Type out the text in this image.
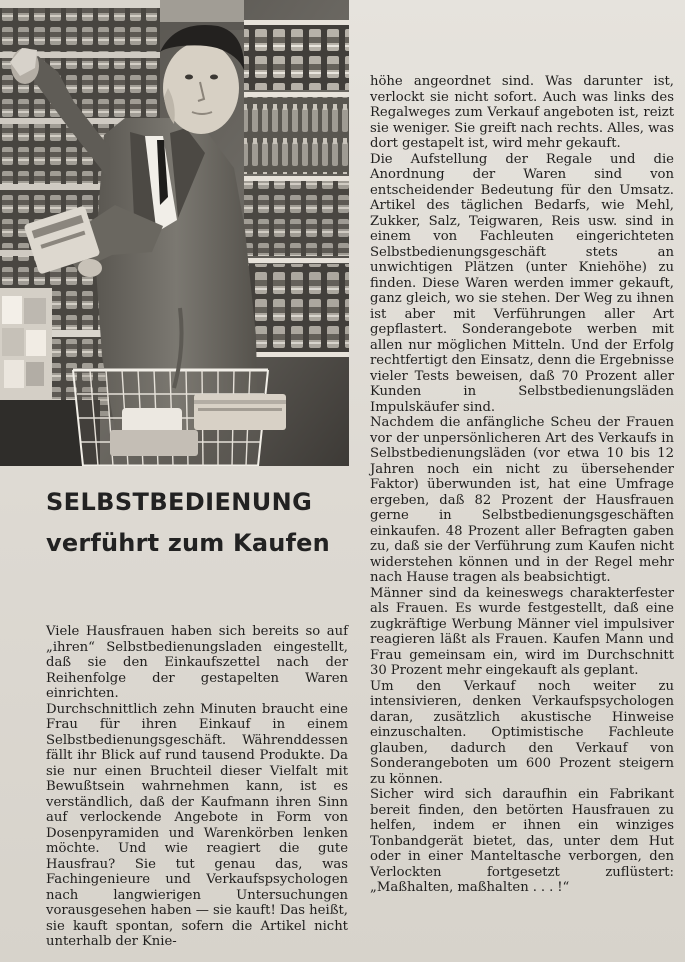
SELBSTBEDIENUNG
verführt zum Kaufen

Viele Hausfrauen haben sich bereits so auf „ihren“ Selbstbedienungsladen eingestellt, daß sie den Einkaufszettel nach der Reihenfolge der gestapelten Waren einrichten.

Durchschnittlich zehn Minuten braucht eine Frau für ihren Einkauf in einem Selbstbedienungsgeschäft. Währenddessen fällt ihr Blick auf rund tausend Produkte. Da sie nur einen Bruchteil dieser Vielfalt mit Bewußtsein wahrnehmen kann, ist es verständlich, daß der Kaufmann ihren Sinn auf verlockende Angebote in Form von Dosenpyramiden und Warenkörben lenken möchte. Und wie reagiert die gute Hausfrau? Sie tut genau das, was Fachingenieure und Verkaufspsychologen nach langwierigen Untersuchungen vorausgesehen haben — sie kauft! Das heißt, sie kauft spontan, sofern die Artikel nicht unterhalb der Knie-

höhe angeordnet sind. Was darunter ist, verlockt sie nicht sofort. Auch was links des Regalweges zum Verkauf angeboten ist, reizt sie weniger. Sie greift nach rechts. Alles, was dort gestapelt ist, wird mehr gekauft.

Die Aufstellung der Regale und die Anordnung der Waren sind von entscheidender Bedeutung für den Umsatz. Artikel des täglichen Bedarfs, wie Mehl, Zukker, Salz, Teigwaren, Reis usw. sind in einem von Fachleuten eingerichteten Selbstbedienungsgeschäft stets an unwichtigen Plätzen (unter Kniehöhe) zu finden. Diese Waren werden immer gekauft, ganz gleich, wo sie stehen. Der Weg zu ihnen ist aber mit Verführungen aller Art gepflastert. Sonderangebote werben mit allen nur möglichen Mitteln. Und der Erfolg rechtfertigt den Einsatz, denn die Ergebnisse vieler Tests beweisen, daß 70 Prozent aller Kunden in Selbstbedienungsläden Impulskäufer sind.

Nachdem die anfängliche Scheu der Frauen vor der unpersönlicheren Art des Verkaufs in Selbstbedienungsläden (vor etwa 10 bis 12 Jahren noch ein nicht zu übersehender Faktor) überwunden ist, hat eine Umfrage ergeben, daß 82 Prozent der Hausfrauen gerne in Selbstbedienungsgeschäften einkaufen. 48 Prozent aller Befragten gaben zu, daß sie der Verführung zum Kaufen nicht widerstehen können und in der Regel mehr nach Hause tragen als beabsichtigt.

Männer sind da keineswegs charakterfester als Frauen. Es wurde festgestellt, daß eine zugkräftige Werbung Männer viel impulsiver reagieren läßt als Frauen. Kaufen Mann und Frau gemeinsam ein, wird im Durchschnitt 30 Prozent mehr eingekauft als geplant.

Um den Verkauf noch weiter zu intensivieren, denken Verkaufspsychologen daran, zusätzlich akustische Hinweise einzuschalten. Optimistische Fachleute glauben, dadurch den Verkauf von Sonderangeboten um 600 Prozent steigern zu können.

Sicher wird sich daraufhin ein Fabrikant bereit finden, den betörten Hausfrauen zu helfen, indem er ihnen ein winziges Tonbandgerät bietet, das, unter dem Hut oder in einer Manteltasche verborgen, den Verlockten fortgesetzt zuflüstert: „Maßhalten, maßhalten . . . !“
